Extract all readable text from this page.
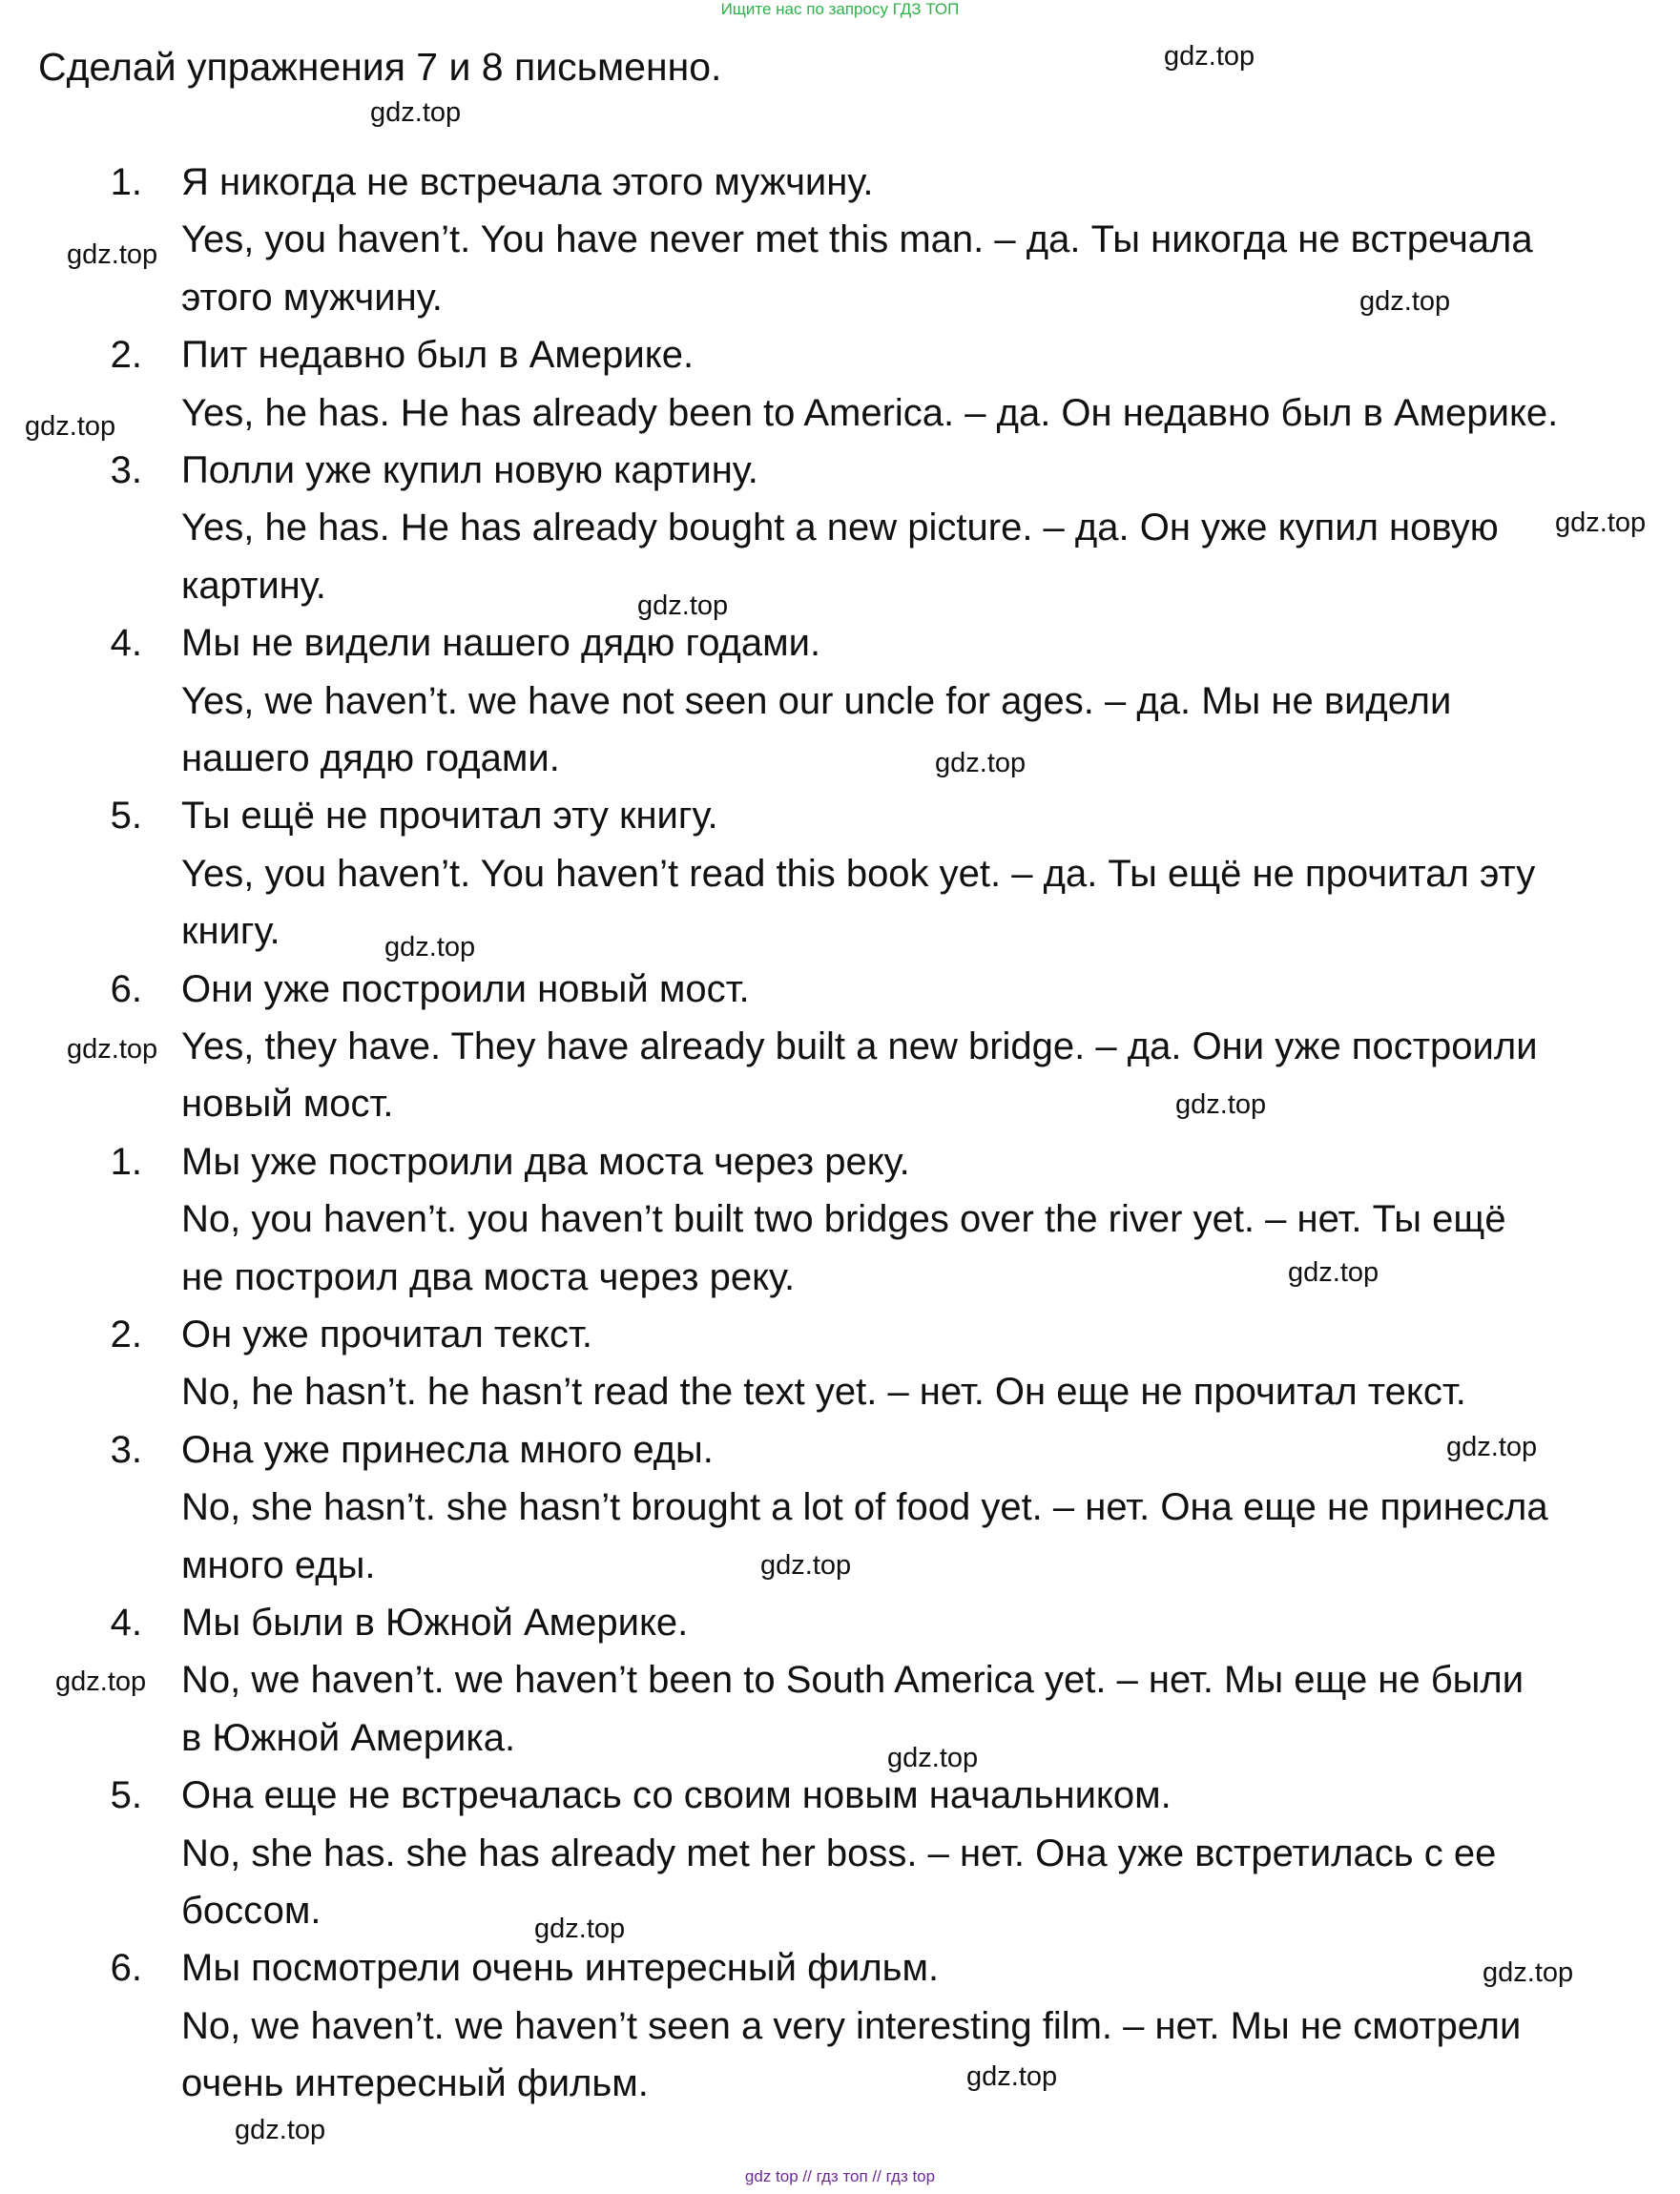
Ищите нас по запросу ГДЗ ТОП
Сделай упражнения 7 и 8 письменно.
1. Я никогда не встречала этого мужчину.
Yes, you haven’t. You have never met this man. – да. Ты никогда не встречала
этого мужчину.
2. Пит недавно был в Америке.
Yes, he has. He has already been to America. – да. Он недавно был в Америке.
3. Полли уже купил новую картину.
Yes, he has. He has already bought a new picture. – да. Он уже купил новую
картину.
4. Мы не видели нашего дядю годами.
Yes, we haven’t. we have not seen our uncle for ages. – да. Мы не видели
нашего дядю годами.
5. Ты ещё не прочитал эту книгу.
Yes, you haven’t. You haven’t read this book yet. – да. Ты ещё не прочитал эту
книгу.
6. Они уже построили новый мост.
Yes, they have. They have already built a new bridge. – да. Они уже построили
новый мост.
1. Мы уже построили два моста через реку.
No, you haven’t. you haven’t built two bridges over the river yet. – нет. Ты ещё
не построил два моста через реку.
2. Он уже прочитал текст.
No, he hasn’t. he hasn’t read the text yet. – нет. Он еще не прочитал текст.
3. Она уже принесла много еды.
No, she hasn’t. she hasn’t brought a lot of food yet. – нет. Она еще не принесла
много еды.
4. Мы были в Южной Америке.
No, we haven’t. we haven’t been to South America yet. – нет. Мы еще не были
в Южной Америка.
5. Она еще не встречалась со своим новым начальником.
No, she has. she has already met her boss. – нет. Она уже встретилась с ее
боссом.
6. Мы посмотрели очень интересный фильм.
No, we haven’t. we haven’t seen a very interesting film. – нет. Мы не смотрели
очень интересный фильм.
gdz.top
gdz.top
gdz.top
gdz.top
gdz.top
gdz.top
gdz.top
gdz.top
gdz.top
gdz.top
gdz.top
gdz.top
gdz.top
gdz.top
gdz.top
gdz.top
gdz.top
gdz.top
gdz.top
gdz.top
gdz top // гдз топ // гдз top
